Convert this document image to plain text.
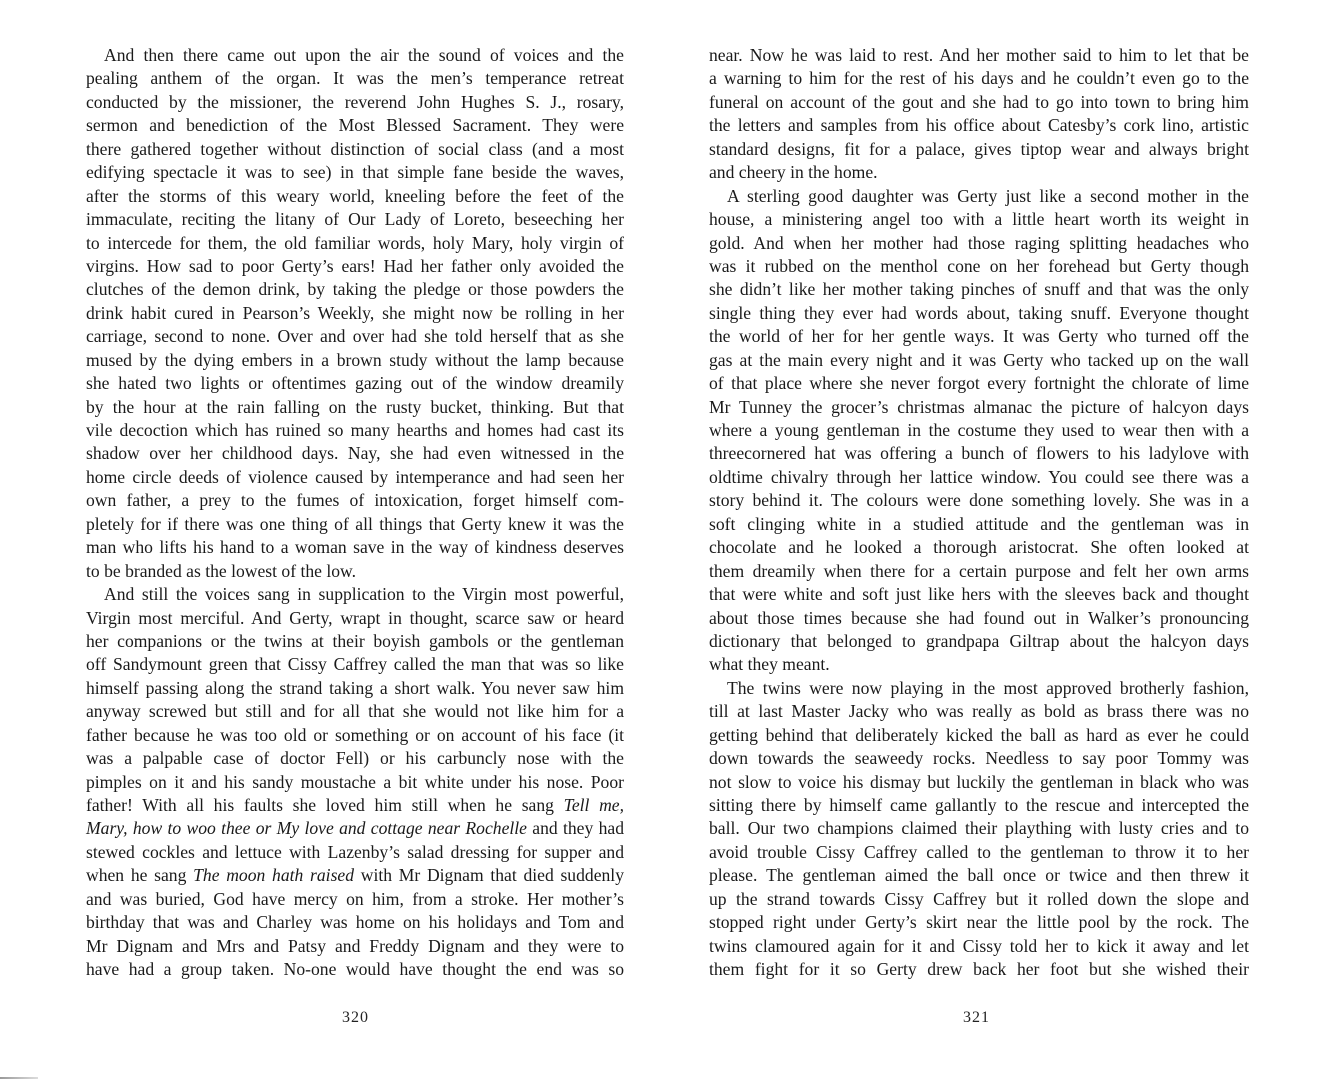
And then there came out upon the air the sound of voices and the
pealing anthem of the organ. It was the men’s temperance retreat
conducted by the missioner, the reverend John Hughes S. J., rosary,
sermon and benediction of the Most Blessed Sacrament. They were
there gathered together without distinction of social class (and a most
edifying spectacle it was to see) in that simple fane beside the waves,
after the storms of this weary world, kneeling before the feet of the
immaculate, reciting the litany of Our Lady of Loreto, beseeching her
to intercede for them, the old familiar words, holy Mary, holy virgin of
virgins. How sad to poor Gerty’s ears! Had her father only avoided the
clutches of the demon drink, by taking the pledge or those powders the
drink habit cured in Pearson’s Weekly, she might now be rolling in her
carriage, second to none. Over and over had she told herself that as she
mused by the dying embers in a brown study without the lamp because
she hated two lights or oftentimes gazing out of the window dreamily
by the hour at the rain falling on the rusty bucket, thinking. But that
vile decoction which has ruined so many hearths and homes had cast its
shadow over her childhood days. Nay, she had even witnessed in the
home circle deeds of violence caused by intemperance and had seen her
own father, a prey to the fumes of intoxication, forget himself com-
pletely for if there was one thing of all things that Gerty knew it was the
man who lifts his hand to a woman save in the way of kindness deserves
to be branded as the lowest of the low.
And still the voices sang in supplication to the Virgin most powerful,
Virgin most merciful. And Gerty, wrapt in thought, scarce saw or heard
her companions or the twins at their boyish gambols or the gentleman
off Sandymount green that Cissy Caffrey called the man that was so like
himself passing along the strand taking a short walk. You never saw him
anyway screwed but still and for all that she would not like him for a
father because he was too old or something or on account of his face (it
was a palpable case of doctor Fell) or his carbuncly nose with the
pimples on it and his sandy moustache a bit white under his nose. Poor
father! With all his faults she loved him still when he sang Tell me,
Mary, how to woo thee or My love and cottage near Rochelle and they had
stewed cockles and lettuce with Lazenby’s salad dressing for supper and
when he sang The moon hath raised with Mr Dignam that died suddenly
and was buried, God have mercy on him, from a stroke. Her mother’s
birthday that was and Charley was home on his holidays and Tom and
Mr Dignam and Mrs and Patsy and Freddy Dignam and they were to
have had a group taken. No-one would have thought the end was so
near. Now he was laid to rest. And her mother said to him to let that be
a warning to him for the rest of his days and he couldn’t even go to the
funeral on account of the gout and she had to go into town to bring him
the letters and samples from his office about Catesby’s cork lino, artistic
standard designs, fit for a palace, gives tiptop wear and always bright
and cheery in the home.
A sterling good daughter was Gerty just like a second mother in the
house, a ministering angel too with a little heart worth its weight in
gold. And when her mother had those raging splitting headaches who
was it rubbed on the menthol cone on her forehead but Gerty though
she didn’t like her mother taking pinches of snuff and that was the only
single thing they ever had words about, taking snuff. Everyone thought
the world of her for her gentle ways. It was Gerty who turned off the
gas at the main every night and it was Gerty who tacked up on the wall
of that place where she never forgot every fortnight the chlorate of lime
Mr Tunney the grocer’s christmas almanac the picture of halcyon days
where a young gentleman in the costume they used to wear then with a
threecornered hat was offering a bunch of flowers to his ladylove with
oldtime chivalry through her lattice window. You could see there was a
story behind it. The colours were done something lovely. She was in a
soft clinging white in a studied attitude and the gentleman was in
chocolate and he looked a thorough aristocrat. She often looked at
them dreamily when there for a certain purpose and felt her own arms
that were white and soft just like hers with the sleeves back and thought
about those times because she had found out in Walker’s pronouncing
dictionary that belonged to grandpapa Giltrap about the halcyon days
what they meant.
The twins were now playing in the most approved brotherly fashion,
till at last Master Jacky who was really as bold as brass there was no
getting behind that deliberately kicked the ball as hard as ever he could
down towards the seaweedy rocks. Needless to say poor Tommy was
not slow to voice his dismay but luckily the gentleman in black who was
sitting there by himself came gallantly to the rescue and intercepted the
ball. Our two champions claimed their plaything with lusty cries and to
avoid trouble Cissy Caffrey called to the gentleman to throw it to her
please. The gentleman aimed the ball once or twice and then threw it
up the strand towards Cissy Caffrey but it rolled down the slope and
stopped right under Gerty’s skirt near the little pool by the rock. The
twins clamoured again for it and Cissy told her to kick it away and let
them fight for it so Gerty drew back her foot but she wished their
320	321
